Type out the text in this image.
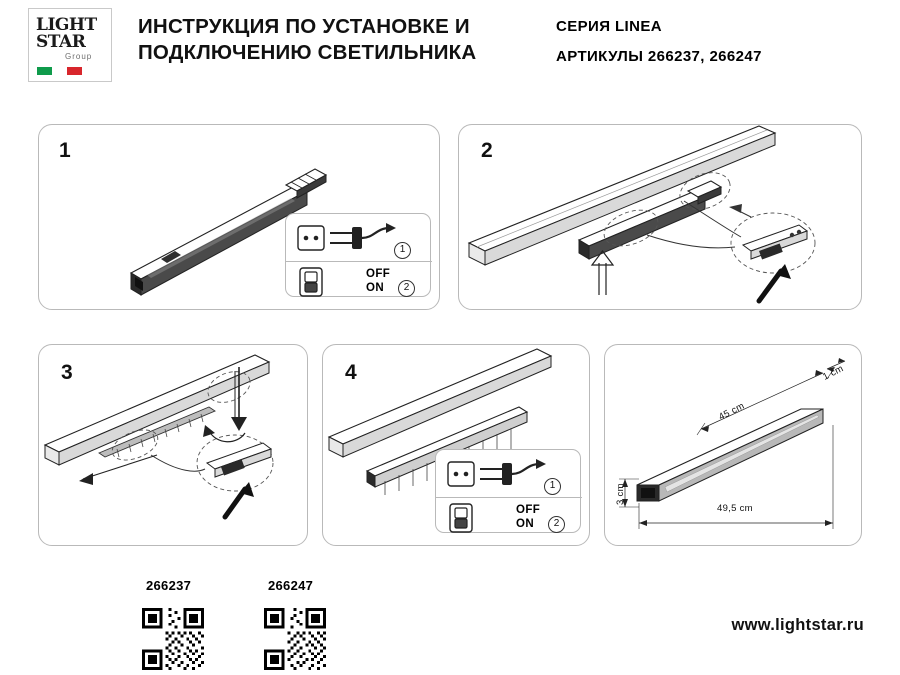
LIGHT
STAR
Group
ИНСТРУКЦИЯ ПО УСТАНОВКЕ И ПОДКЛЮЧЕНИЮ СВЕТИЛЬНИКА
СЕРИЯ LINEA
АРТИКУЛЫ 266237, 266247
1
1
OFF
ON	2
2
3	4
1
OFF
ON	2
45 cm
1 cm
49,5 cm
3 cm
266237	266247
www.lightstar.ru
